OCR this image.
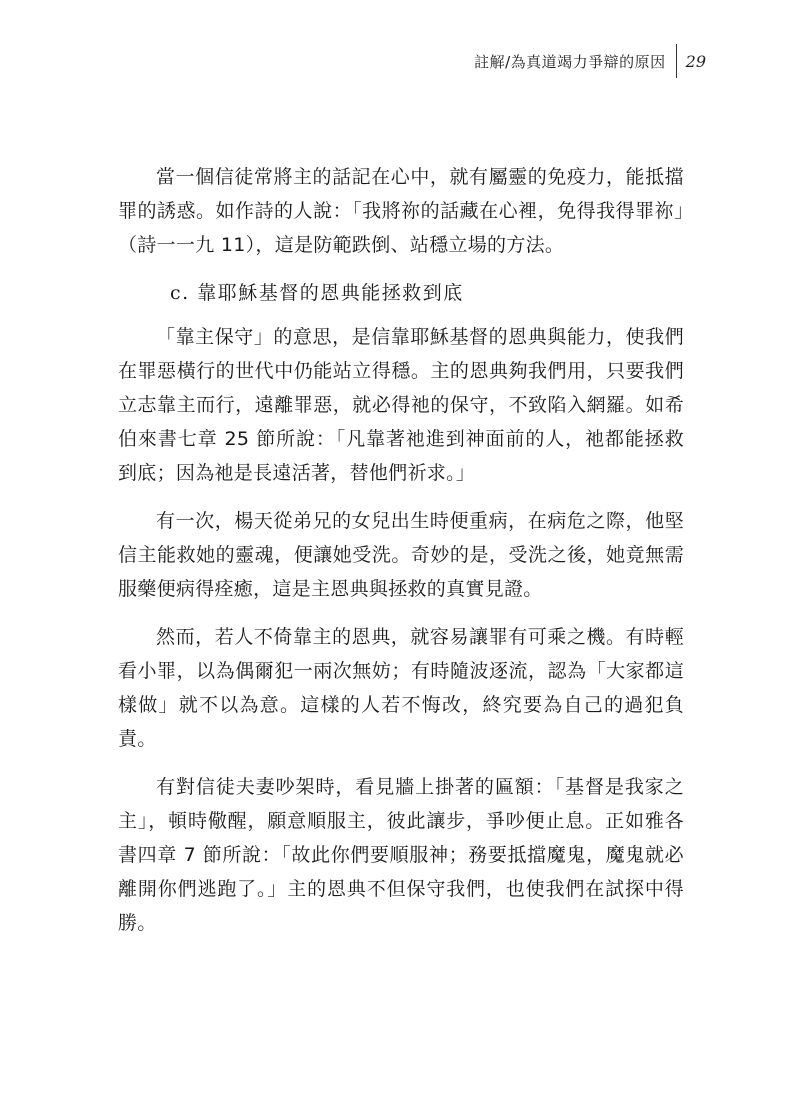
註解/為真道竭力爭辯的原因	29

當一個信徒常將主的話記在心中，就有屬靈的免疫力，能抵擋罪的誘惑。如作詩的人說：「我將祢的話藏在心裡，免得我得罪祢」（詩一一九 11），這是防範跌倒、站穩立場的方法。

c. 靠耶穌基督的恩典能拯救到底

「靠主保守」的意思，是信靠耶穌基督的恩典與能力，使我們在罪惡橫行的世代中仍能站立得穩。主的恩典夠我們用，只要我們立志靠主而行，遠離罪惡，就必得祂的保守，不致陷入網羅。如希伯來書七章 25 節所說：「凡靠著祂進到神面前的人，祂都能拯救到底；因為祂是長遠活著，替他們祈求。」

有一次，楊天從弟兄的女兒出生時便重病，在病危之際，他堅信主能救她的靈魂，便讓她受洗。奇妙的是，受洗之後，她竟無需服藥便病得痊癒，這是主恩典與拯救的真實見證。

然而，若人不倚靠主的恩典，就容易讓罪有可乘之機。有時輕看小罪，以為偶爾犯一兩次無妨；有時隨波逐流，認為「大家都這樣做」就不以為意。這樣的人若不悔改，終究要為自己的過犯負責。

有對信徒夫妻吵架時，看見牆上掛著的匾額：「基督是我家之主」，頓時儆醒，願意順服主，彼此讓步，爭吵便止息。正如雅各書四章 7 節所說：「故此你們要順服神；務要抵擋魔鬼，魔鬼就必離開你們逃跑了。」主的恩典不但保守我們，也使我們在試探中得勝。
